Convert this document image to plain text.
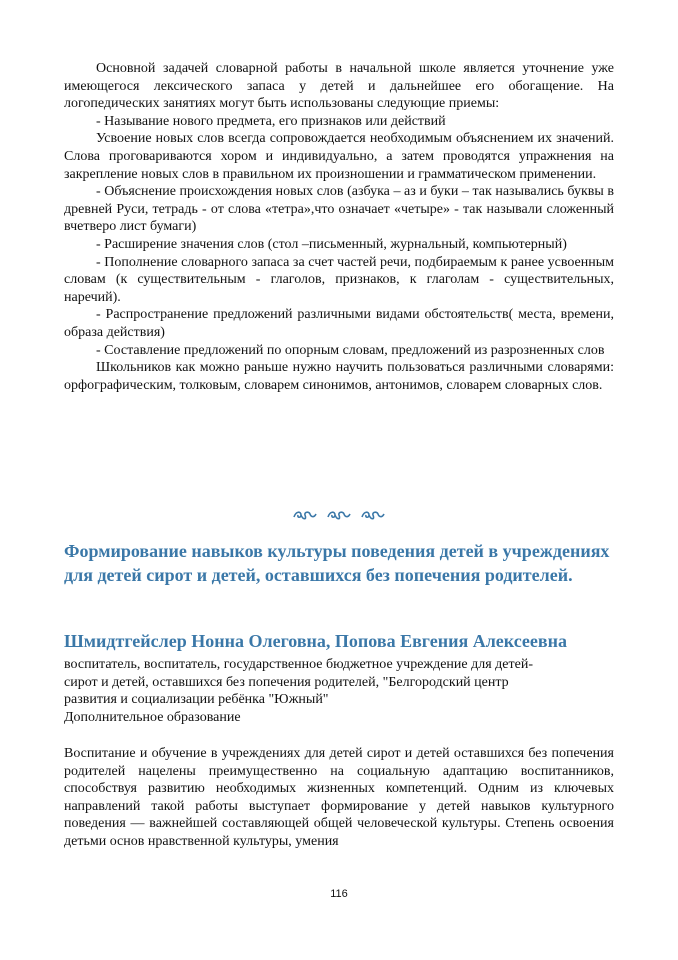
Основной задачей словарной работы в начальной школе является уточнение уже имеющегося лексического запаса у детей и дальнейшее его обогащение. На логопедических занятиях могут быть использованы следующие приемы:

- Называние нового предмета, его признаков или действий

Усвоение новых слов всегда сопровождается необходимым объяснением их значений. Слова проговариваются хором и индивидуально, а затем проводятся упражнения на закрепление новых слов в правильном их произношении и грамматическом применении.

- Объяснение происхождения новых слов (азбука – аз и буки – так назывались буквы в древней Руси, тетрадь - от слова «тетра»,что означает «четыре» - так называли сложенный вчетверо лист бумаги)

- Расширение значения слов (стол –письменный, журнальный, компьютерный)

- Пополнение словарного запаса за счет частей речи, подбираемым к ранее усвоенным словам (к существительным - глаголов, признаков, к глаголам - существительных, наречий).

- Распространение предложений различными видами обстоятельств( места, времени, образа действия)

- Составление предложений по опорным словам, предложений из разрозненных слов

Школьников как можно раньше нужно научить пользоваться различными словарями: орфографическим, толковым, словарем синонимов, антонимов, словарем словарных слов.

Формирование навыков культуры поведения детей в учреждениях для детей сирот и детей, оставшихся без попечения родителей.
Шмидтгейслер Нонна Олеговна, Попова Евгения Алексеевна
воспитатель, воспитатель, государственное бюджетное учреждение для детей-
сирот и детей, оставшихся без попечения родителей, "Белгородский центр
развития и социализации ребёнка "Южный"
Дополнительное образование

Воспитание и обучение в учреждениях для детей сирот и детей оставшихся без попечения родителей нацелены преимущественно на социальную адаптацию воспитанников, способствуя развитию необходимых жизненных компетенций. Одним из ключевых направлений такой работы выступает формирование у детей навыков культурного поведения — важнейшей составляющей общей человеческой культуры. Степень освоения детьми основ нравственной культуры, умения

116
